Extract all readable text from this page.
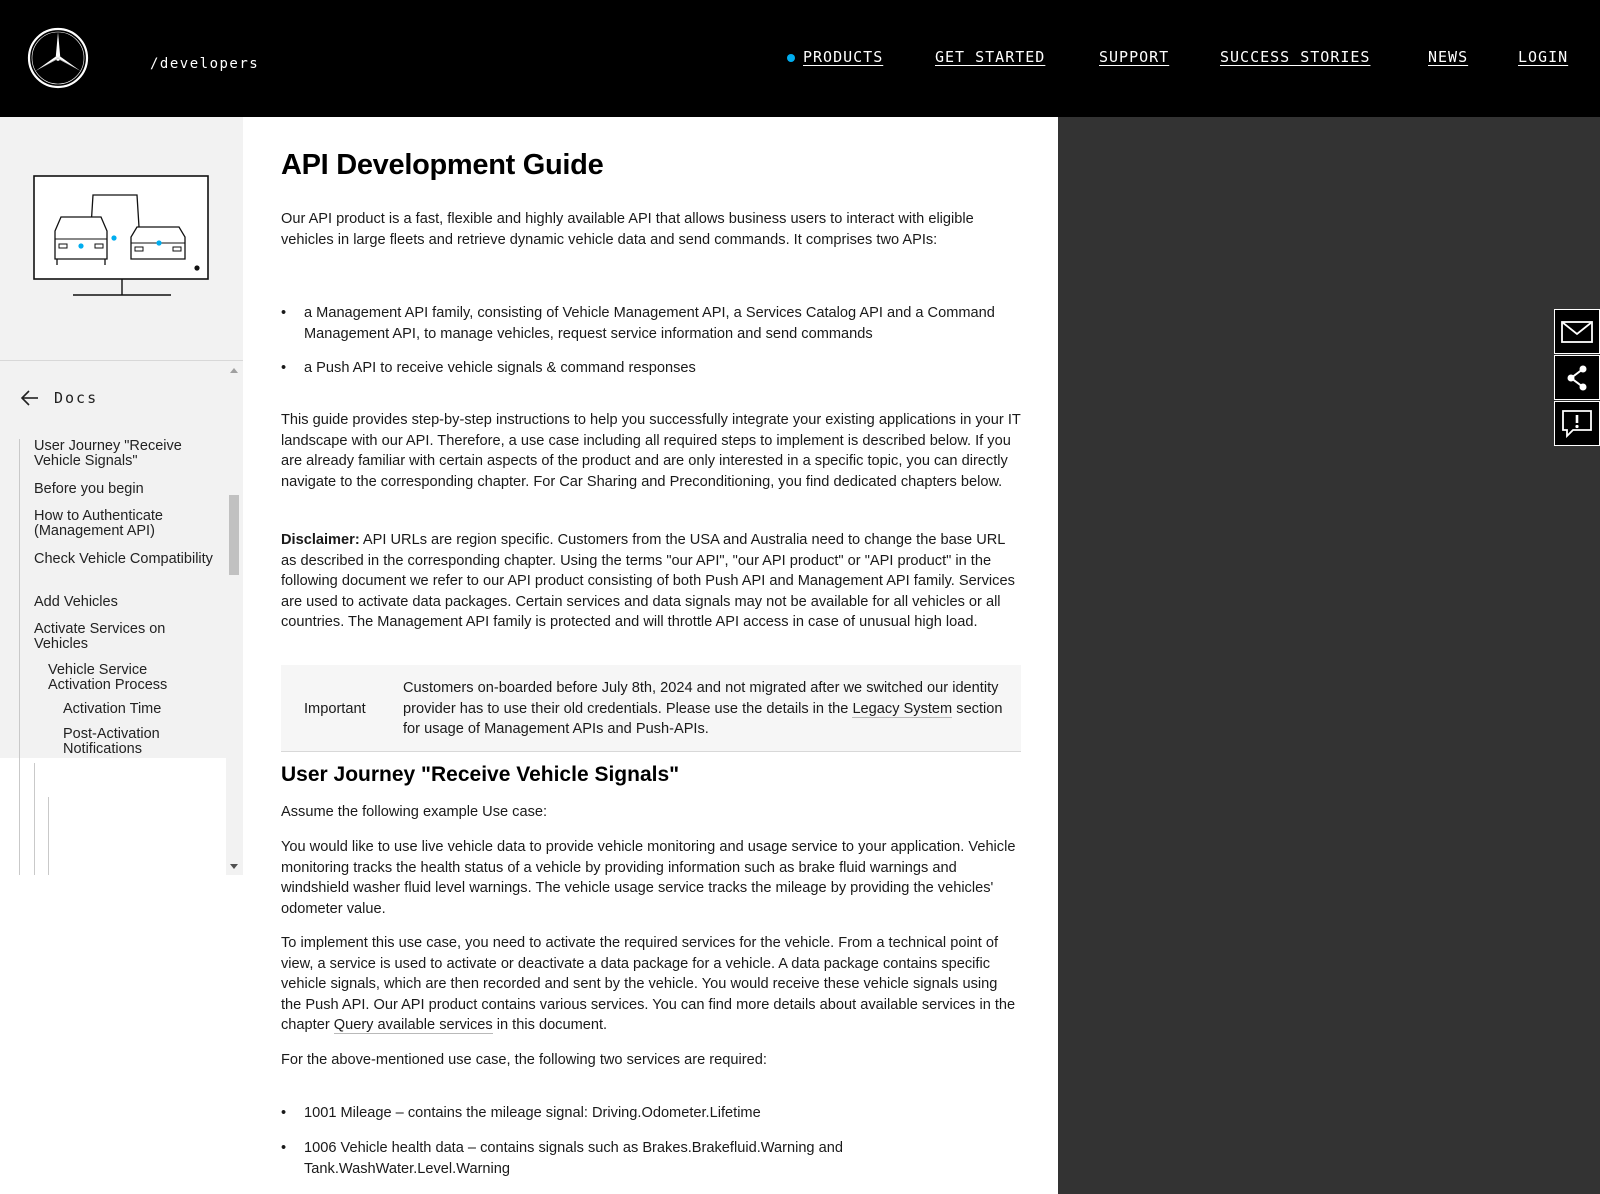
/developers	PRODUCTS	GET STARTED	SUPPORT	SUCCESS STORIES	NEWS	LOGIN
Docs
User Journey "Receive Vehicle Signals"
Before you begin
How to Authenticate (Management API)
Check Vehicle Compatibility
Add Vehicles
Activate Services on Vehicles
Vehicle Service Activation Process
Activation Time
Post-Activation Notifications
API Development Guide

Our API product is a fast, flexible and highly available API that allows business users to interact with eligible vehicles in large fleets and retrieve dynamic vehicle data and send commands. It comprises two APIs:

• a Management API family, consisting of Vehicle Management API, a Services Catalog API and a Command Management API, to manage vehicles, request service information and send commands
• a Push API to receive vehicle signals & command responses

This guide provides step-by-step instructions to help you successfully integrate your existing applications in your IT landscape with our API. Therefore, a use case including all required steps to implement is described below. If you are already familiar with certain aspects of the product and are only interested in a specific topic, you can directly navigate to the corresponding chapter. For Car Sharing and Preconditioning, you find dedicated chapters below.

Disclaimer: API URLs are region specific. Customers from the USA and Australia need to change the base URL as described in the corresponding chapter. Using the terms "our API", "our API product" or "API product" in the following document we refer to our API product consisting of both Push API and Management API family. Services are used to activate data packages. Certain services and data signals may not be available for all vehicles or all countries. The Management API family is protected and will throttle API access in case of unusual high load.

Important
Customers on-boarded before July 8th, 2024 and not migrated after we switched our identity provider has to use their old credentials. Please use the details in the Legacy System section for usage of Management APIs and Push-APIs.
User Journey "Receive Vehicle Signals"

Assume the following example Use case:

You would like to use live vehicle data to provide vehicle monitoring and usage service to your application. Vehicle monitoring tracks the health status of a vehicle by providing information such as brake fluid warnings and windshield washer fluid level warnings. The vehicle usage service tracks the mileage by providing the vehicles' odometer value.

To implement this use case, you need to activate the required services for the vehicle. From a technical point of view, a service is used to activate or deactivate a data package for a vehicle. A data package contains specific vehicle signals, which are then recorded and sent by the vehicle. You would receive these vehicle signals using the Push API. Our API product contains various services. You can find more details about available services in the chapter Query available services in this document.

For the above-mentioned use case, the following two services are required:

• 1001 Mileage – contains the mileage signal: Driving.Odometer.Lifetime
• 1006 Vehicle health data – contains signals such as Brakes.Brakefluid.Warning and Tank.WashWater.Level.Warning
